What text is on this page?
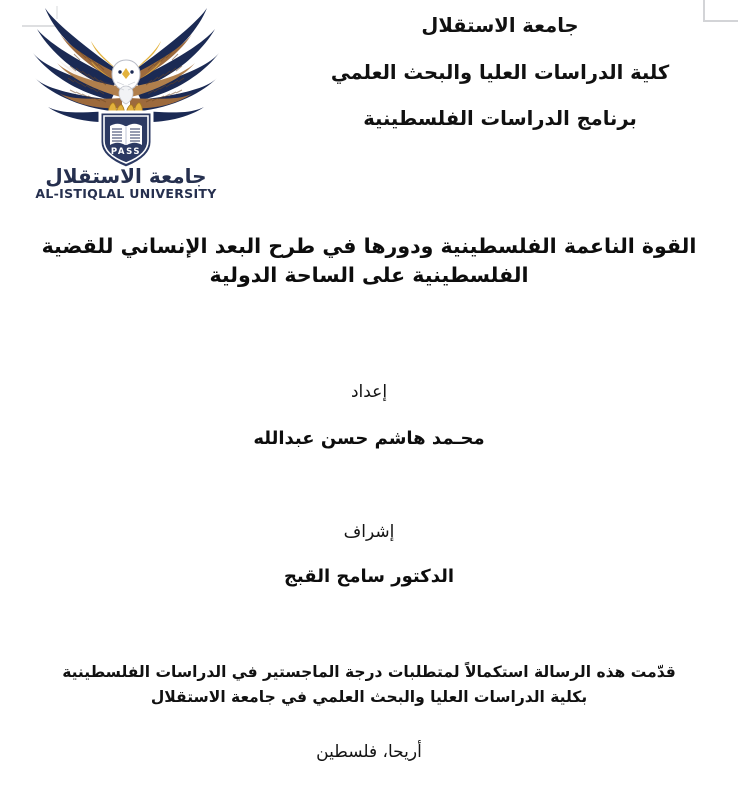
PASS
جامعة الاستقلال
AL-ISTIQLAL UNIVERSITY

جامعة الاستقلال

كلية الدراسات العليا والبحث العلمي

برنامج الدراسات الفلسطينية

القوة الناعمة الفلسطينية ودورها في طرح البعد الإنساني للقضية

الفلسطينية على الساحة الدولية

إعداد

محـمد هاشم حسن عبدالله

إشراف

الدكتور سامح القبج

قدّمت هذه الرسالة استكمالاً لمتطلبات درجة الماجستير في الدراسات الفلسطينية

بكلية الدراسات العليا والبحث العلمي في جامعة الاستقلال

أريحا، فلسطين
